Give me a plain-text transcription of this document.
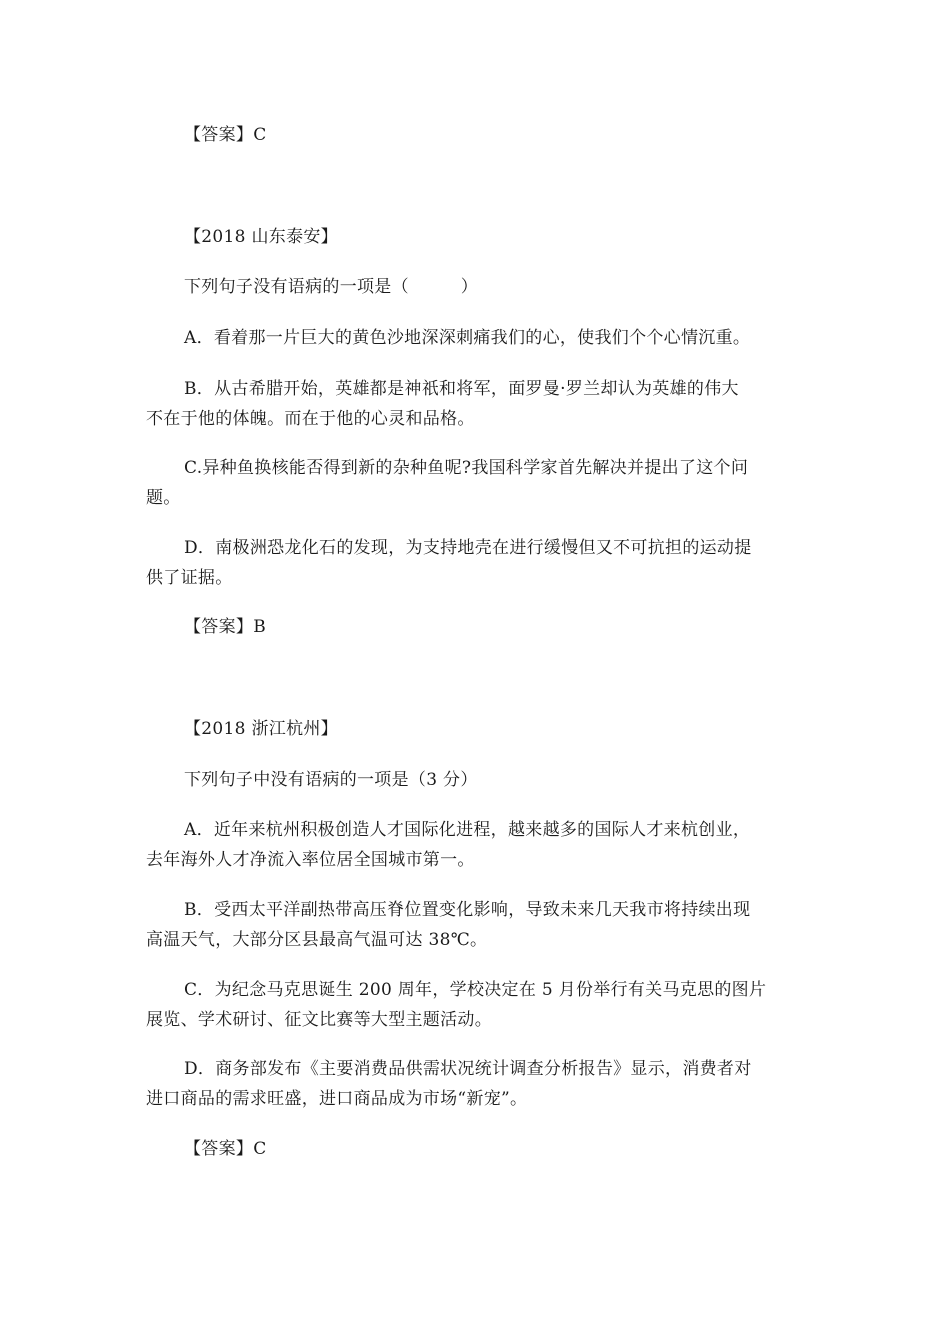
【答案】C
【2018 山东泰安】
下列句子没有语病的一项是（　　　）
A．看着那一片巨大的黄色沙地深深刺痛我们的心，使我们个个心情沉重。
B．从古希腊开始，英雄都是神祇和将军，面罗曼·罗兰却认为英雄的伟大
不在于他的体魄。而在于他的心灵和品格。
C.异种鱼换核能否得到新的杂种鱼呢?我国科学家首先解决并提出了这个问
题。
D．南极洲恐龙化石的发现，为支持地壳在进行缓慢但又不可抗担的运动提
供了证据。
【答案】B
【2018 浙江杭州】
下列句子中没有语病的一项是（3 分）
A．近年来杭州积极创造人才国际化进程，越来越多的国际人才来杭创业，
去年海外人才净流入率位居全国城市第一。
B．受西太平洋副热带高压脊位置变化影响，导致未来几天我市将持续出现
高温天气，大部分区县最高气温可达 38℃。
C．为纪念马克思诞生 200 周年，学校决定在 5 月份举行有关马克思的图片
展览、学术研讨、征文比赛等大型主题活动。
D．商务部发布《主要消费品供需状况统计调查分析报告》显示，消费者对
进口商品的需求旺盛，进口商品成为市场“新宠”。
【答案】C
